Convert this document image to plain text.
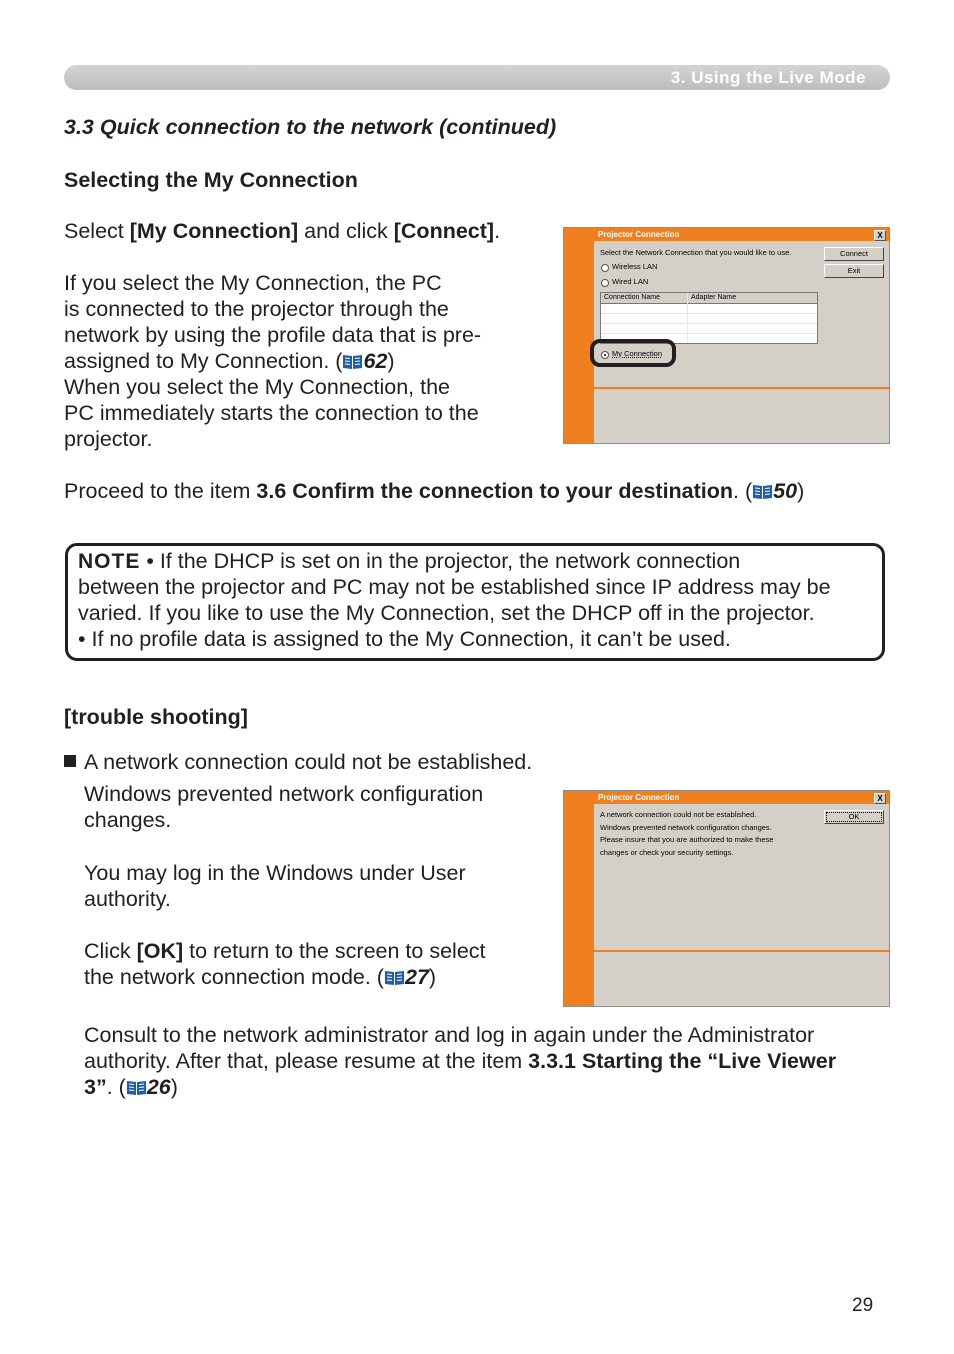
3. Using the Live Mode
3.3 Quick connection to the network (continued)
Selecting the My Connection
Select [My Connection] and click [Connect].
If you select the My Connection, the PC
is connected to the projector through the
network by using the profile data that is pre-
assigned to My Connection. ( 62)
When you select the My Connection, the
PC immediately starts the connection to the
projector.
Projector Connection	X
Select the Network Connection that you would like to use.
Wireless LAN
Wired LAN
Connection Name	Adapter Name
My Connection
Connect
Exit
Proceed to the item 3.6 Confirm the connection to your destination. ( 50)
NOTE • If the DHCP is set on in the projector, the network connection
between the projector and PC may not be established since IP address may be
varied. If you like to use the My Connection, set the DHCP off in the projector.
• If no profile data is assigned to the My Connection, it can’t be used.
[trouble shooting]
A network connection could not be established.
Windows prevented network configuration
changes.
You may log in the Windows under User
authority.
Click [OK] to return to the screen to select
the network connection mode. ( 27)
Projector Connection	X
A network connection could not be established.
Windows prevented network configuration changes.
Please insure that you are authorized to make these
changes or check your security settings.
OK
Consult to the network administrator and log in again under the Administrator
authority. After that, please resume at the item 3.3.1 Starting the “Live Viewer
3”. ( 26)
29
